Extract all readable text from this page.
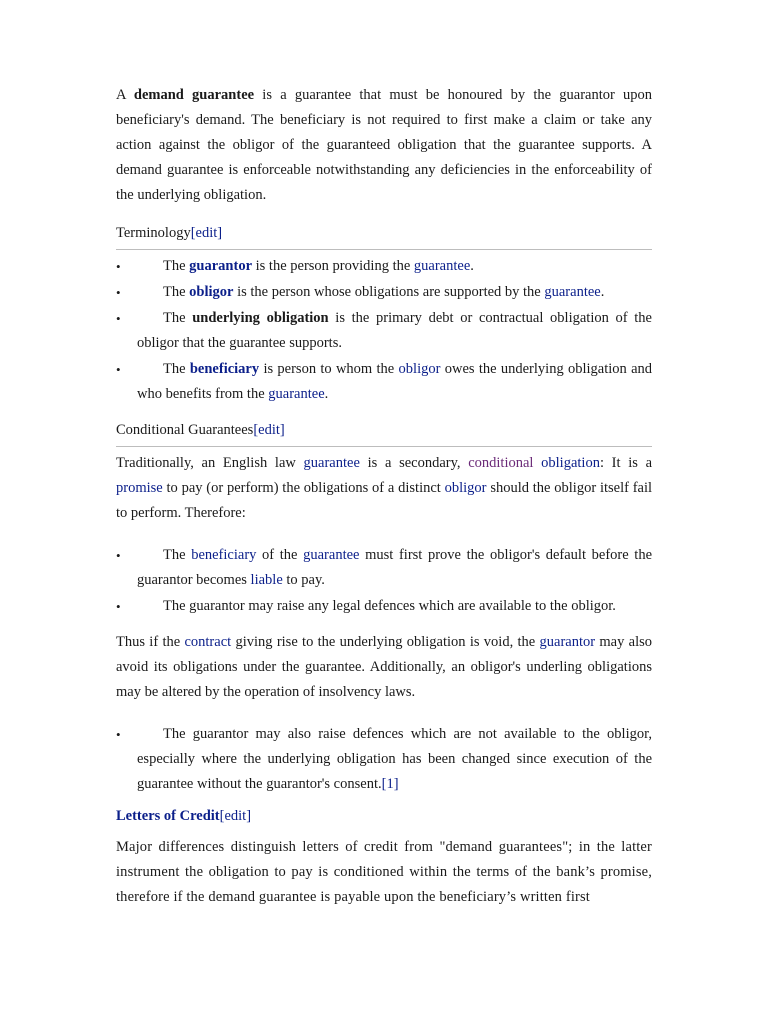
A demand guarantee is a guarantee that must be honoured by the guarantor upon beneficiary's demand. The beneficiary is not required to first make a claim or take any action against the obligor of the guaranteed obligation that the guarantee supports. A demand guarantee is enforceable notwithstanding any deficiencies in the enforceability of the underlying obligation.

Terminology[edit]
•	The guarantor is the person providing the guarantee.
•	The obligor is the person whose obligations are supported by the guarantee.
•	The underlying obligation is the primary debt or contractual obligation of the obligor that the guarantee supports.
•	The beneficiary is person to whom the obligor owes the underlying obligation and who benefits from the guarantee.
Conditional Guarantees[edit]

Traditionally, an English law guarantee is a secondary, conditional obligation: It is a promise to pay (or perform) the obligations of a distinct obligor should the obligor itself fail to perform. Therefore:

•	The beneficiary of the guarantee must first prove the obligor's default before the guarantor becomes liable to pay.
•	The guarantor may raise any legal defences which are available to the obligor.

Thus if the contract giving rise to the underlying obligation is void, the guarantor may also avoid its obligations under the guarantee. Additionally, an obligor's underling obligations may be altered by the operation of insolvency laws.

•	The guarantor may also raise defences which are not available to the obligor, especially where the underlying obligation has been changed since execution of the guarantee without the guarantor's consent.[1]
Letters of Credit[edit]

Major differences distinguish letters of credit from "demand guarantees"; in the latter instrument the obligation to pay is conditioned within the terms of the bank’s promise, therefore if the demand guarantee is payable upon the beneficiary’s written first
